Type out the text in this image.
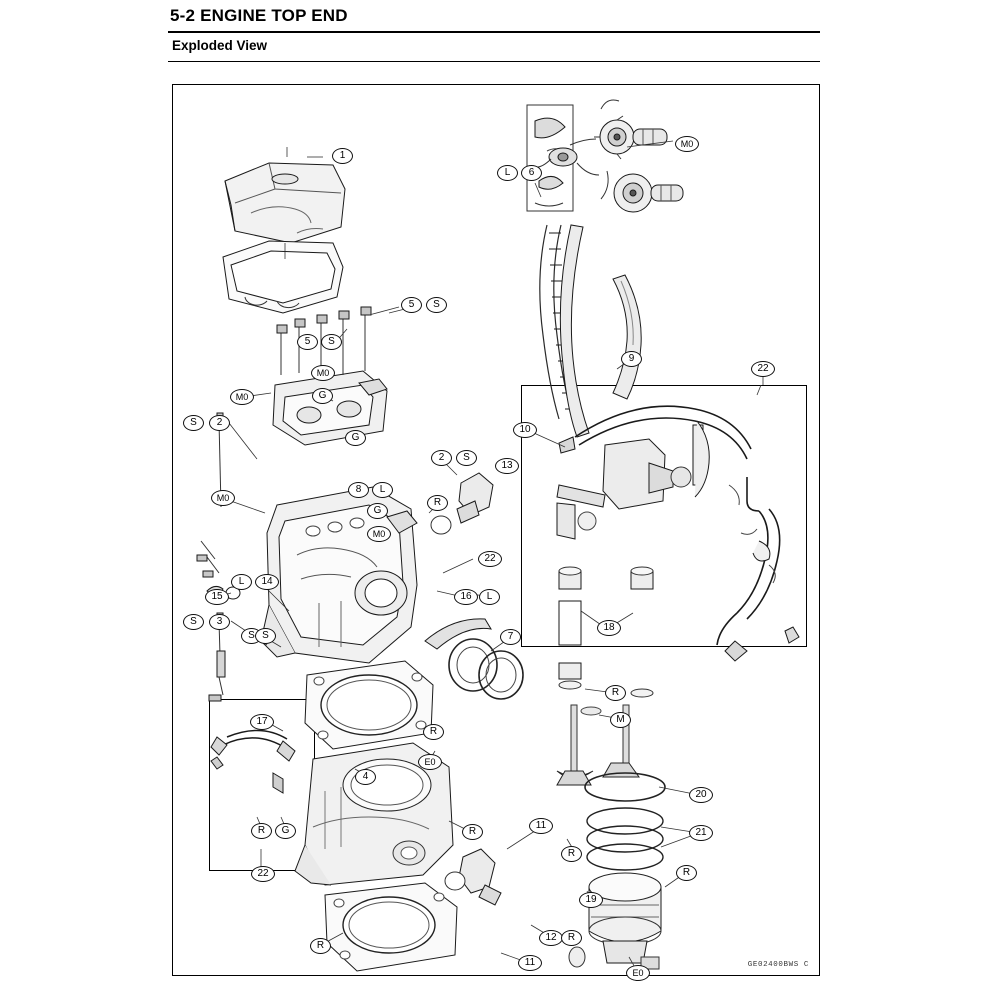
5-2 ENGINE TOP END
Exploded View
1
S	2
2	S
S	3
4
5	S
5	S
L	6
7
8	L
9
10
11
11
12
13
L	14
15	16	L
17
18
19
20
21
22
22
22
M0
M0
M0
M0
M0
G
G
G
G
R
R
R
R
R
R
R
R
R
E0
E0
S S
M
GE02400BWS C
